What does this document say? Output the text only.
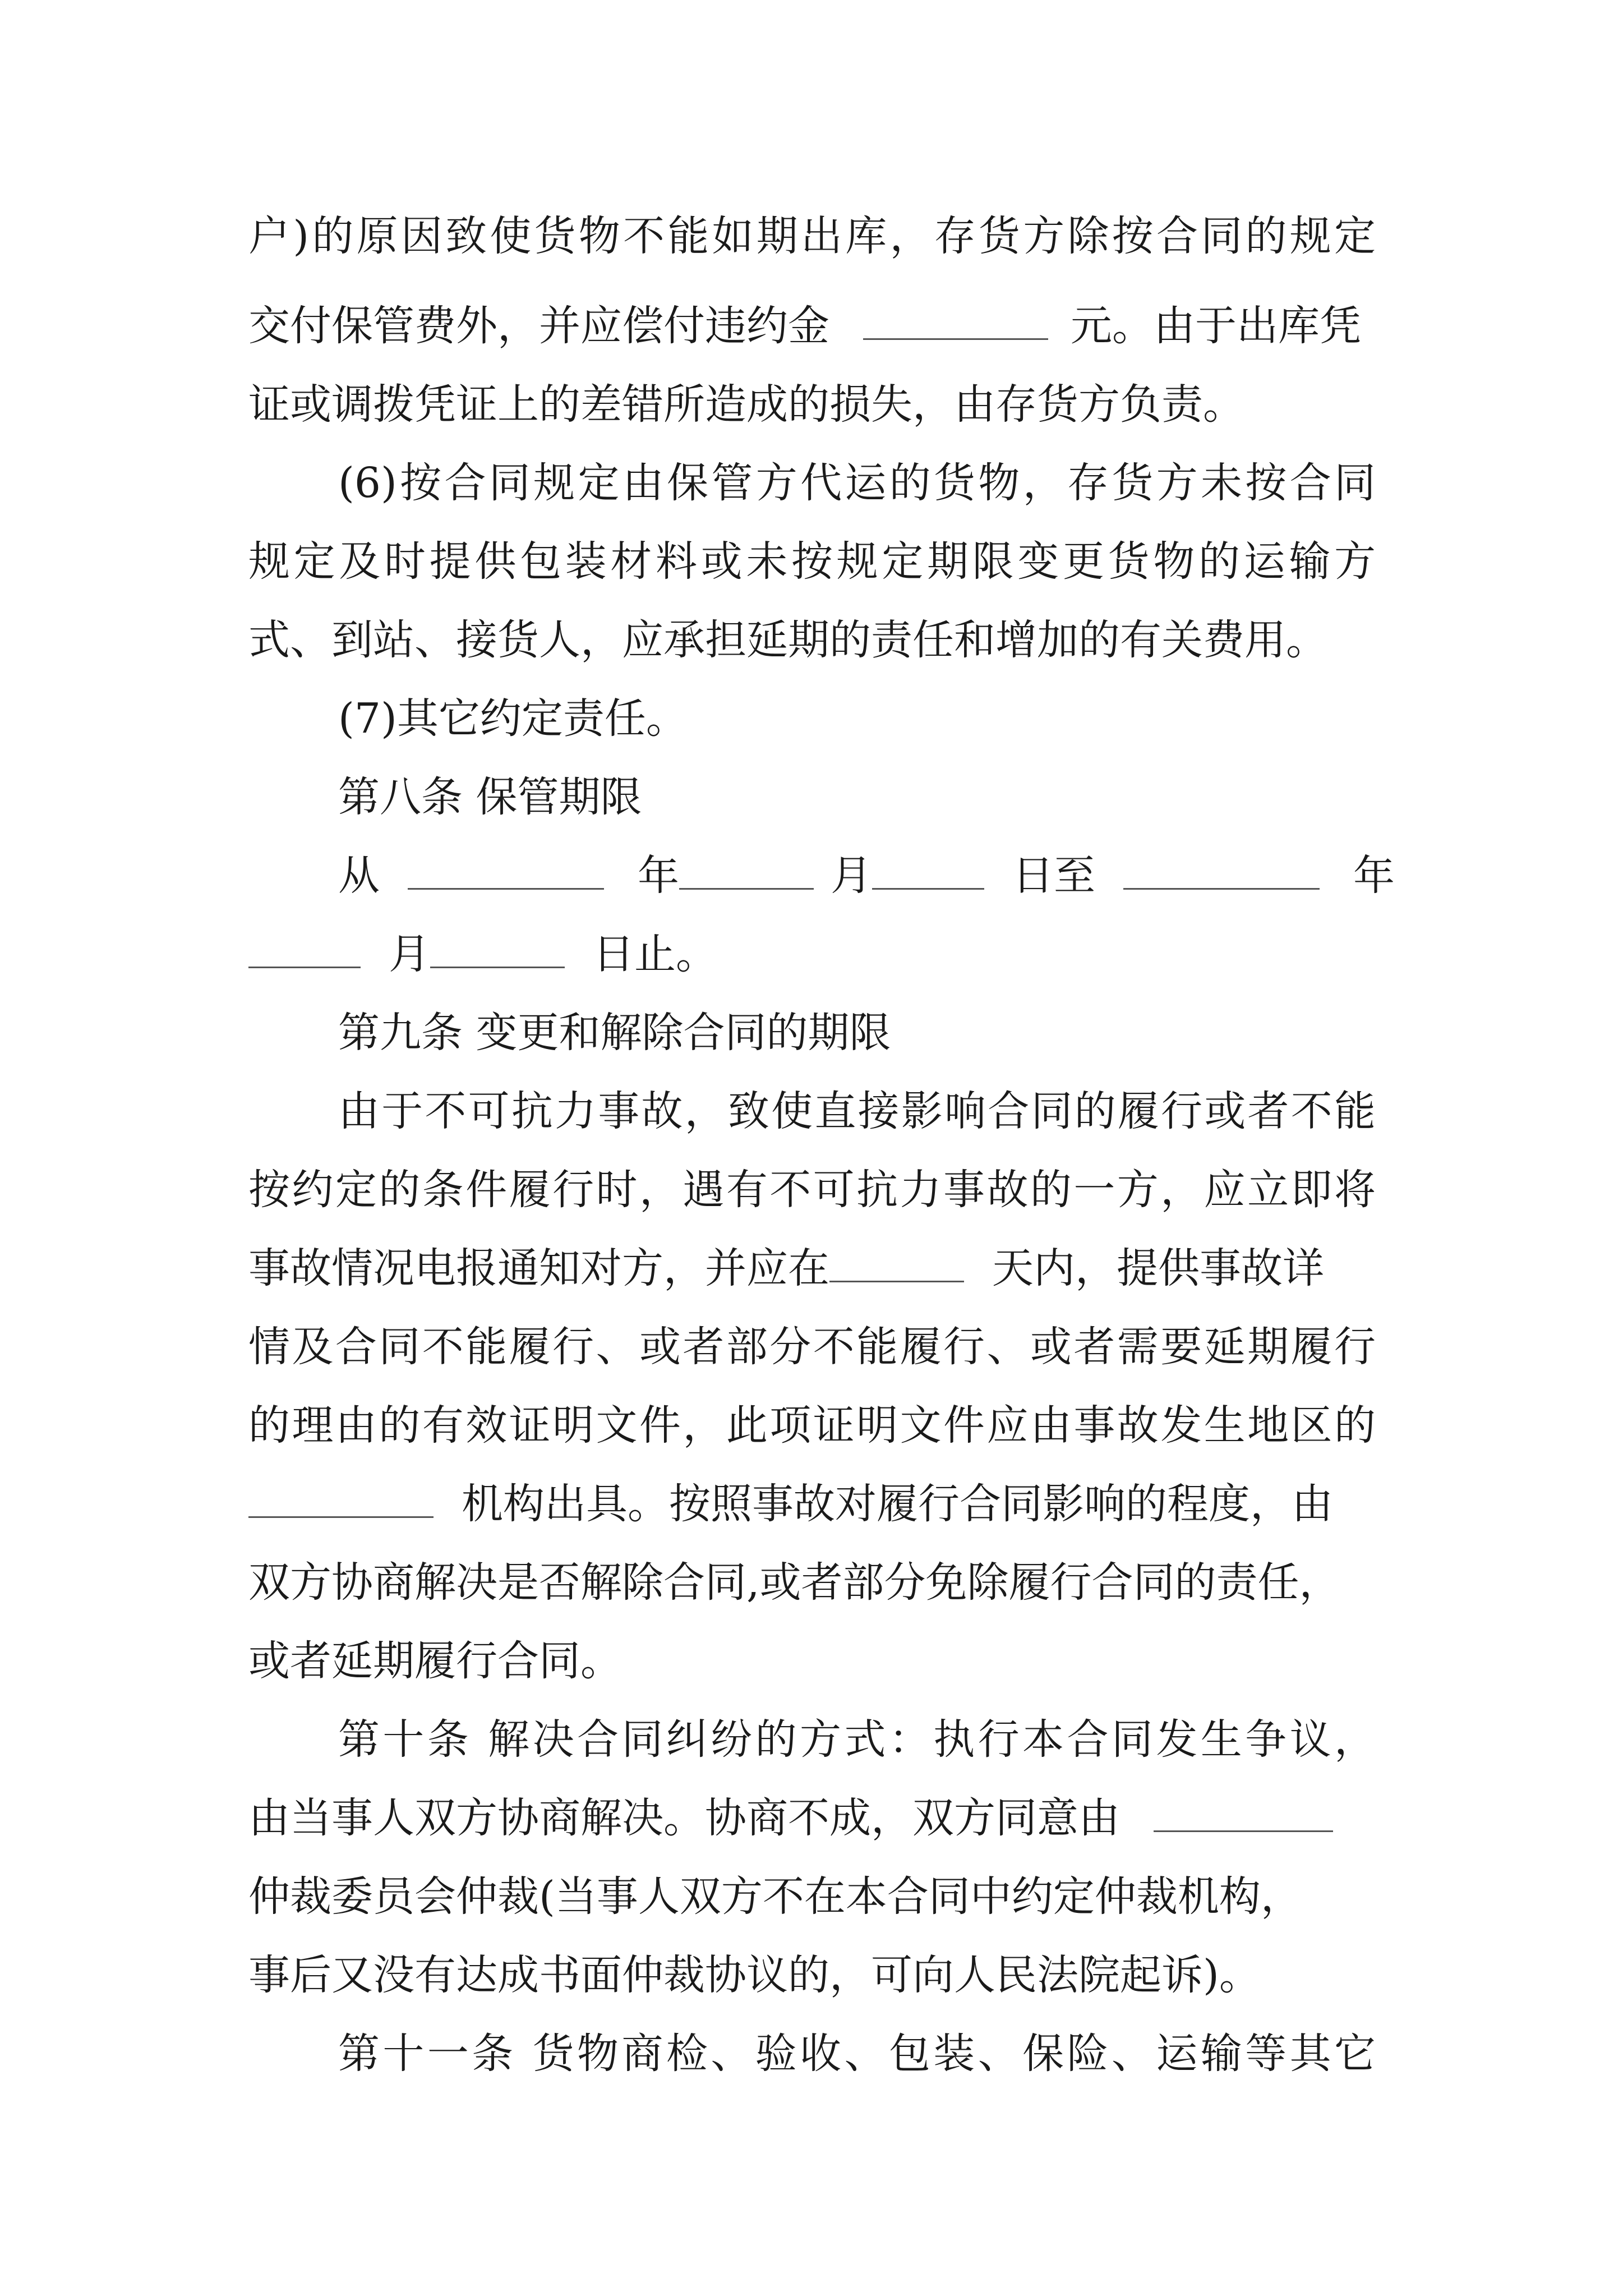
户)的原因致使货物不能如期出库，存货方除按合同的规定
交付保管费外，并应偿付违约金	元。由于出库凭
证或调拨凭证上的差错所造成的损失，由存货方负责。
(6)按合同规定由保管方代运的货物，存货方未按合同
规定及时提供包装材料或未按规定期限变更货物的运输方
式、到站、接货人，应承担延期的责任和增加的有关费用。
(7)其它约定责任。
第八条 保管期限
从	年	月	日至	年
月	日止。
第九条 变更和解除合同的期限
由于不可抗力事故，致使直接影响合同的履行或者不能
按约定的条件履行时，遇有不可抗力事故的一方，应立即将
事故情况电报通知对方，并应在	天内，提供事故详
情及合同不能履行、或者部分不能履行、或者需要延期履行
的理由的有效证明文件，此项证明文件应由事故发生地区的
机构出具。按照事故对履行合同影响的程度，由
双方协商解决是否解除合同,或者部分免除履行合同的责任，
或者延期履行合同。
第十条 解决合同纠纷的方式：执行本合同发生争议，
由当事人双方协商解决。协商不成，双方同意由
仲裁委员会仲裁(当事人双方不在本合同中约定仲裁机构，
事后又没有达成书面仲裁协议的，可向人民法院起诉)。
第十一条 货物商检、验收、包装、保险、运输等其它
